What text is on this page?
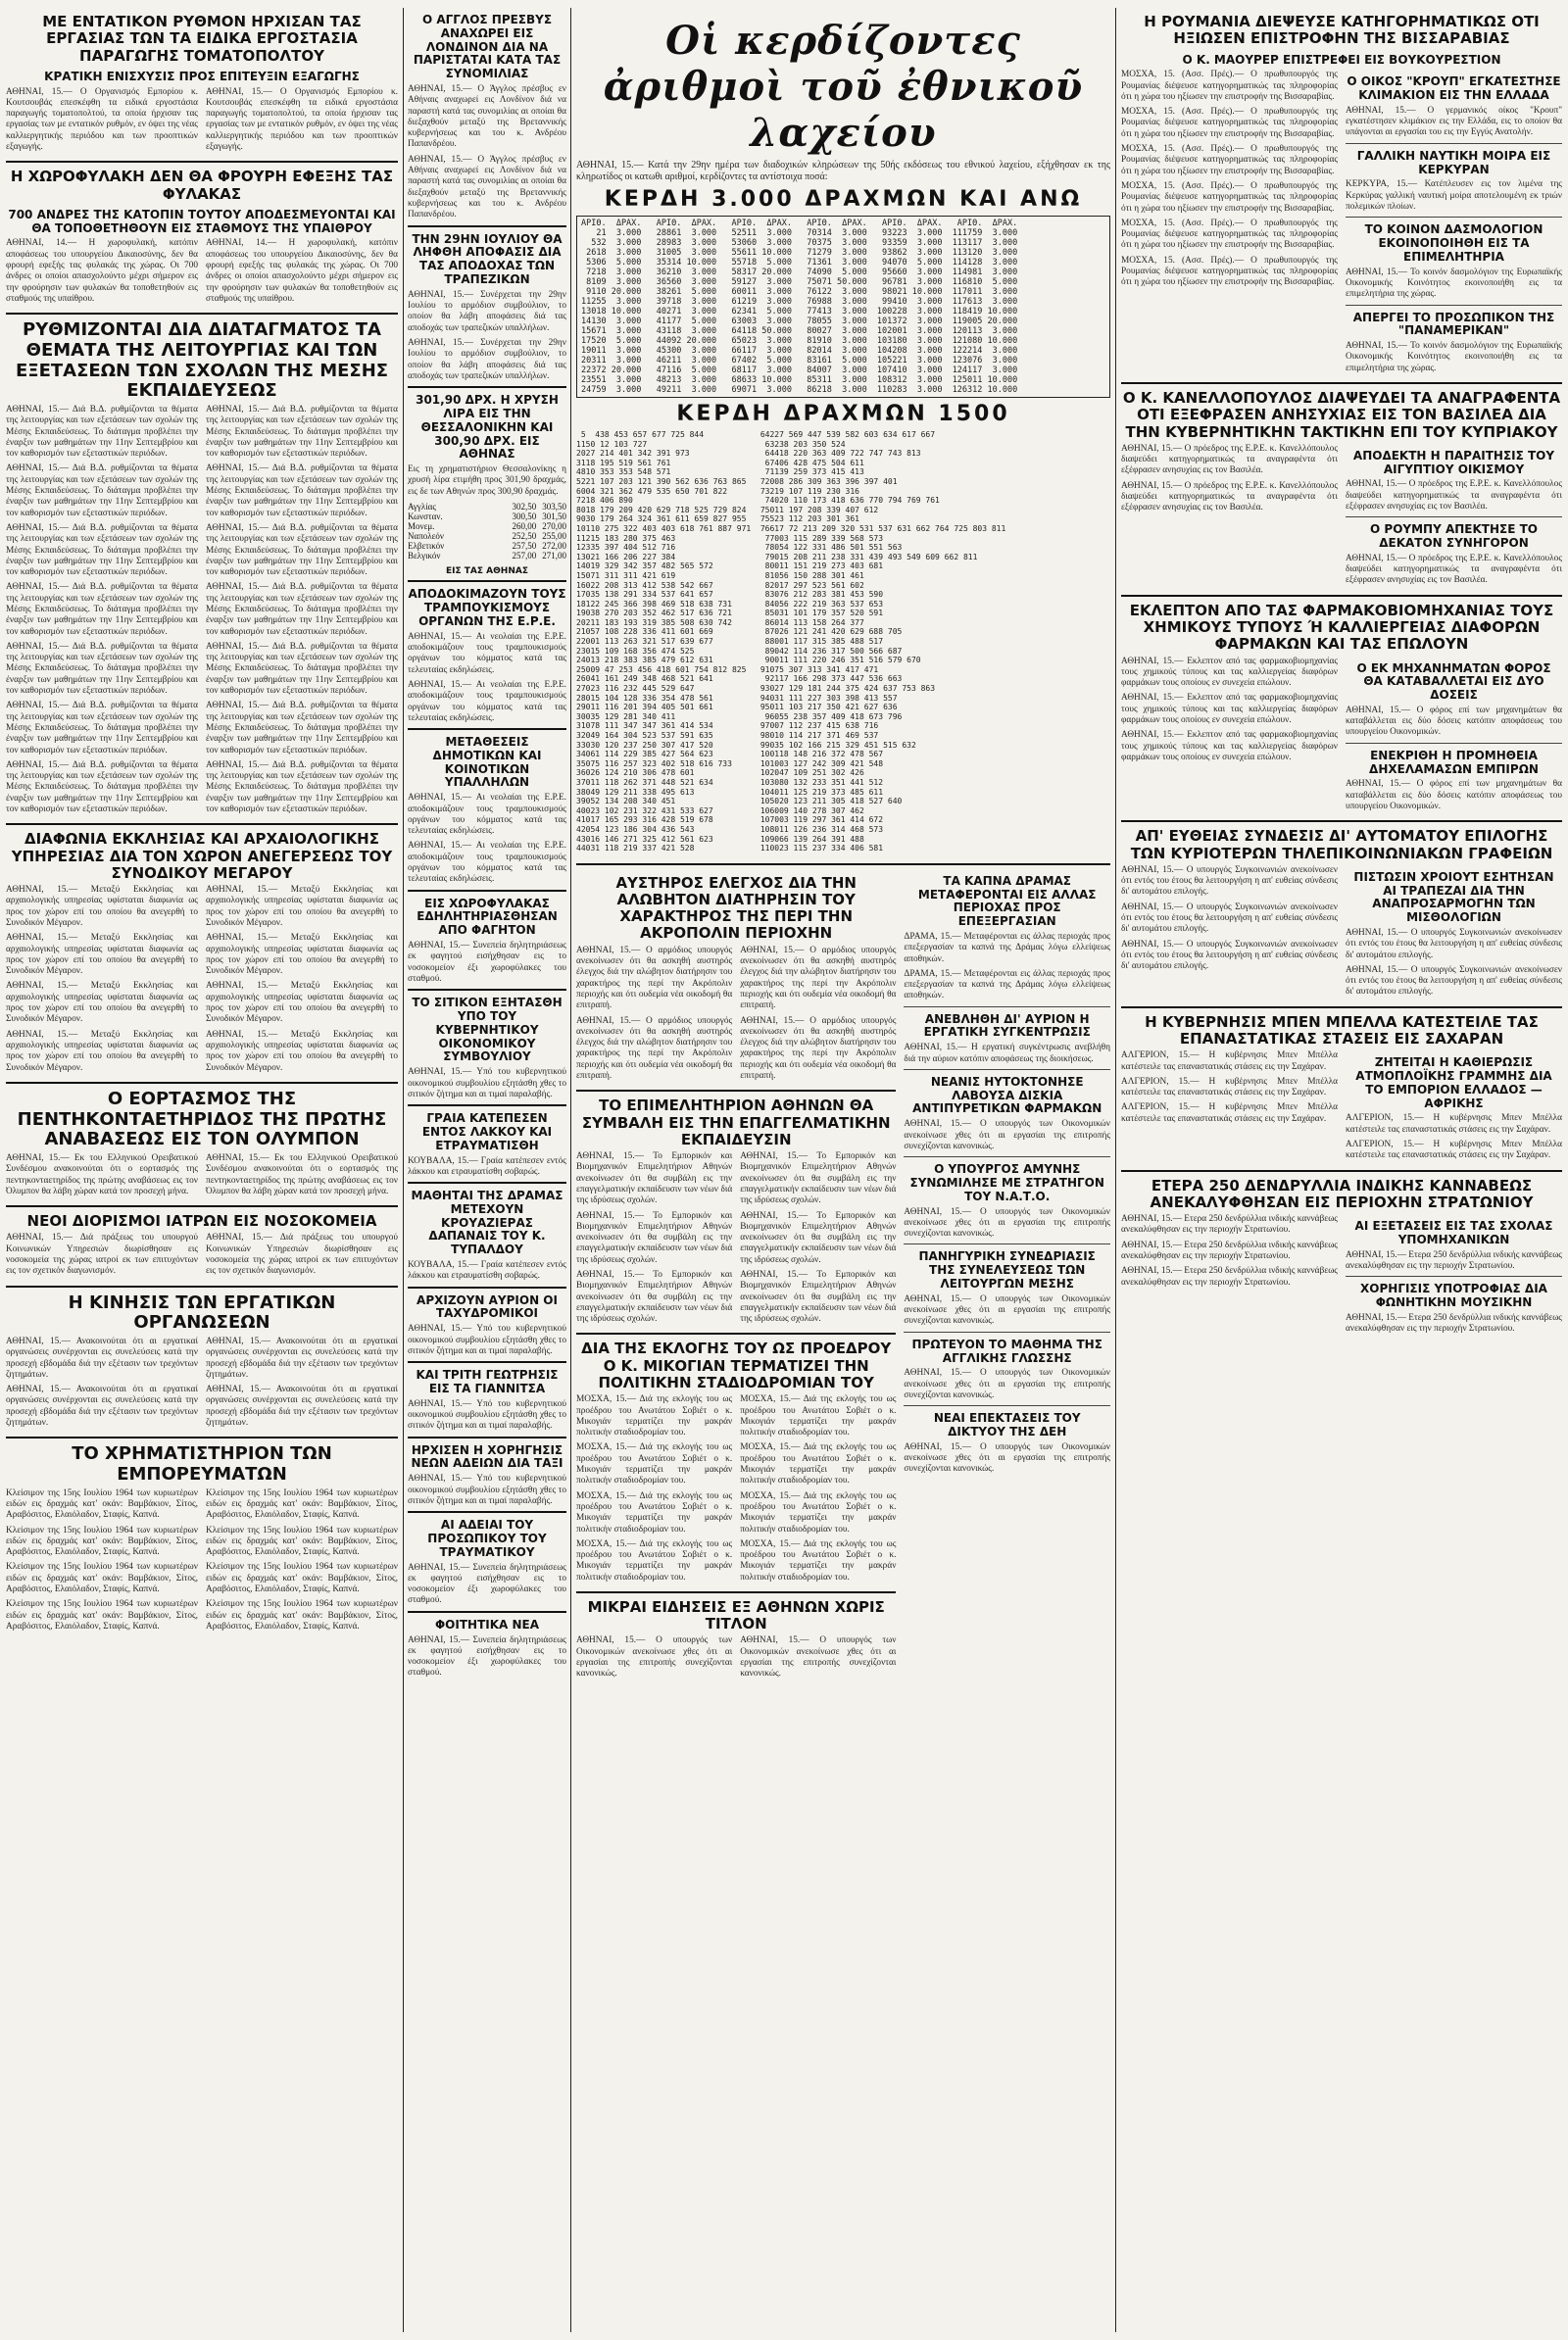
ΜΕ ΕΝΤΑΤΙΚΟΝ ΡΥΘΜΟΝ ΗΡΧΙΣΑΝ ΤΑΣ ΕΡΓΑΣΙΑΣ ΤΩΝ ΤΑ ΕΙΔΙΚΑ ΕΡΓΟΣΤΑΣΙΑ ΠΑΡΑΓΩΓΗΣ ΤΟΜΑΤΟΠΟΛΤΟΥ
ΚΡΑΤΙΚΗ ΕΝΙΣΧΥΣΙΣ ΠΡΟΣ ΕΠΙΤΕΥΞΙΝ ΕΞΑΓΩΓΗΣ

ΑΘΗΝΑΙ, 15.— Ο Οργανισμός Εμπορίου κ. Κουτσουβάς επεσκέφθη τα ειδικά εργοστάσια παραγωγής τοματοπολτού, τα οποία ήρχισαν τας εργασίας των με εντατικόν ρυθμόν, εν όψει της νέας καλλιεργητικής περιόδου και των προοπτικών εξαγωγής.

ΑΘΗΝΑΙ, 15.— Ο Οργανισμός Εμπορίου κ. Κουτσουβάς επεσκέφθη τα ειδικά εργοστάσια παραγωγής τοματοπολτού, τα οποία ήρχισαν τας εργασίας των με εντατικόν ρυθμόν, εν όψει της νέας καλλιεργητικής περιόδου και των προοπτικών εξαγωγής.

Η ΧΩΡΟΦΥΛΑΚΗ ΔΕΝ ΘΑ ΦΡΟΥΡΗ ΕΦΕΞΗΣ ΤΑΣ ΦΥΛΑΚΑΣ
700 ΑΝΔΡΕΣ ΤΗΣ ΚΑΤΟΠΙΝ ΤΟΥΤΟΥ ΑΠΟΔΕΣΜΕΥΟΝΤΑΙ ΚΑΙ ΘΑ ΤΟΠΟΘΕΤΗΘΟΥΝ ΕΙΣ ΣΤΑΘΜΟΥΣ ΤΗΣ ΥΠΑΙΘΡΟΥ

ΑΘΗΝΑΙ, 14.— Η χωροφυλακή, κατόπιν αποφάσεως του υπουργείου Δικαιοσύνης, δεν θα φρουρή εφεξής τας φυλακάς της χώρας. Οι 700 άνδρες οι οποίοι απασχολούντο μέχρι σήμερον εις την φρούρησιν των φυλακών θα τοποθετηθούν εις σταθμούς της υπαίθρου.

ΑΘΗΝΑΙ, 14.— Η χωροφυλακή, κατόπιν αποφάσεως του υπουργείου Δικαιοσύνης, δεν θα φρουρή εφεξής τας φυλακάς της χώρας. Οι 700 άνδρες οι οποίοι απασχολούντο μέχρι σήμερον εις την φρούρησιν των φυλακών θα τοποθετηθούν εις σταθμούς της υπαίθρου.

ΡΥΘΜΙΖΟΝΤΑΙ ΔΙΑ ΔΙΑΤΑΓΜΑΤΟΣ ΤΑ ΘΕΜΑΤΑ ΤΗΣ ΛΕΙΤΟΥΡΓΙΑΣ ΚΑΙ ΤΩΝ ΕΞΕΤΑΣΕΩΝ ΤΩΝ ΣΧΟΛΩΝ ΤΗΣ ΜΕΣΗΣ ΕΚΠΑΙΔΕΥΣΕΩΣ

ΑΘΗΝΑΙ, 15.— Διά Β.Δ. ρυθμίζονται τα θέματα της λειτουργίας και των εξετάσεων των σχολών της Μέσης Εκπαιδεύσεως. Το διάταγμα προβλέπει την έναρξιν των μαθημάτων την 11ην Σεπτεμβρίου και τον καθορισμόν των εξεταστικών περιόδων.

ΑΘΗΝΑΙ, 15.— Διά Β.Δ. ρυθμίζονται τα θέματα της λειτουργίας και των εξετάσεων των σχολών της Μέσης Εκπαιδεύσεως. Το διάταγμα προβλέπει την έναρξιν των μαθημάτων την 11ην Σεπτεμβρίου και τον καθορισμόν των εξεταστικών περιόδων.

ΑΘΗΝΑΙ, 15.— Διά Β.Δ. ρυθμίζονται τα θέματα της λειτουργίας και των εξετάσεων των σχολών της Μέσης Εκπαιδεύσεως. Το διάταγμα προβλέπει την έναρξιν των μαθημάτων την 11ην Σεπτεμβρίου και τον καθορισμόν των εξεταστικών περιόδων.

ΑΘΗΝΑΙ, 15.— Διά Β.Δ. ρυθμίζονται τα θέματα της λειτουργίας και των εξετάσεων των σχολών της Μέσης Εκπαιδεύσεως. Το διάταγμα προβλέπει την έναρξιν των μαθημάτων την 11ην Σεπτεμβρίου και τον καθορισμόν των εξεταστικών περιόδων.

ΑΘΗΝΑΙ, 15.— Διά Β.Δ. ρυθμίζονται τα θέματα της λειτουργίας και των εξετάσεων των σχολών της Μέσης Εκπαιδεύσεως. Το διάταγμα προβλέπει την έναρξιν των μαθημάτων την 11ην Σεπτεμβρίου και τον καθορισμόν των εξεταστικών περιόδων.

ΑΘΗΝΑΙ, 15.— Διά Β.Δ. ρυθμίζονται τα θέματα της λειτουργίας και των εξετάσεων των σχολών της Μέσης Εκπαιδεύσεως. Το διάταγμα προβλέπει την έναρξιν των μαθημάτων την 11ην Σεπτεμβρίου και τον καθορισμόν των εξεταστικών περιόδων.

ΑΘΗΝΑΙ, 15.— Διά Β.Δ. ρυθμίζονται τα θέματα της λειτουργίας και των εξετάσεων των σχολών της Μέσης Εκπαιδεύσεως. Το διάταγμα προβλέπει την έναρξιν των μαθημάτων την 11ην Σεπτεμβρίου και τον καθορισμόν των εξεταστικών περιόδων.

ΑΘΗΝΑΙ, 15.— Διά Β.Δ. ρυθμίζονται τα θέματα της λειτουργίας και των εξετάσεων των σχολών της Μέσης Εκπαιδεύσεως. Το διάταγμα προβλέπει την έναρξιν των μαθημάτων την 11ην Σεπτεμβρίου και τον καθορισμόν των εξεταστικών περιόδων.

ΑΘΗΝΑΙ, 15.— Διά Β.Δ. ρυθμίζονται τα θέματα της λειτουργίας και των εξετάσεων των σχολών της Μέσης Εκπαιδεύσεως. Το διάταγμα προβλέπει την έναρξιν των μαθημάτων την 11ην Σεπτεμβρίου και τον καθορισμόν των εξεταστικών περιόδων.

ΑΘΗΝΑΙ, 15.— Διά Β.Δ. ρυθμίζονται τα θέματα της λειτουργίας και των εξετάσεων των σχολών της Μέσης Εκπαιδεύσεως. Το διάταγμα προβλέπει την έναρξιν των μαθημάτων την 11ην Σεπτεμβρίου και τον καθορισμόν των εξεταστικών περιόδων.

ΑΘΗΝΑΙ, 15.— Διά Β.Δ. ρυθμίζονται τα θέματα της λειτουργίας και των εξετάσεων των σχολών της Μέσης Εκπαιδεύσεως. Το διάταγμα προβλέπει την έναρξιν των μαθημάτων την 11ην Σεπτεμβρίου και τον καθορισμόν των εξεταστικών περιόδων.

ΑΘΗΝΑΙ, 15.— Διά Β.Δ. ρυθμίζονται τα θέματα της λειτουργίας και των εξετάσεων των σχολών της Μέσης Εκπαιδεύσεως. Το διάταγμα προβλέπει την έναρξιν των μαθημάτων την 11ην Σεπτεμβρίου και τον καθορισμόν των εξεταστικών περιόδων.

ΑΘΗΝΑΙ, 15.— Διά Β.Δ. ρυθμίζονται τα θέματα της λειτουργίας και των εξετάσεων των σχολών της Μέσης Εκπαιδεύσεως. Το διάταγμα προβλέπει την έναρξιν των μαθημάτων την 11ην Σεπτεμβρίου και τον καθορισμόν των εξεταστικών περιόδων.

ΑΘΗΝΑΙ, 15.— Διά Β.Δ. ρυθμίζονται τα θέματα της λειτουργίας και των εξετάσεων των σχολών της Μέσης Εκπαιδεύσεως. Το διάταγμα προβλέπει την έναρξιν των μαθημάτων την 11ην Σεπτεμβρίου και τον καθορισμόν των εξεταστικών περιόδων.

ΔΙΑΦΩΝΙΑ ΕΚΚΛΗΣΙΑΣ ΚΑΙ ΑΡΧΑΙΟΛΟΓΙΚΗΣ ΥΠΗΡΕΣΙΑΣ ΔΙΑ ΤΟΝ ΧΩΡΟΝ ΑΝΕΓΕΡΣΕΩΣ ΤΟΥ ΣΥΝΟΔΙΚΟΥ ΜΕΓΑΡΟΥ

ΑΘΗΝΑΙ, 15.— Μεταξύ Εκκλησίας και αρχαιολογικής υπηρεσίας υφίσταται διαφωνία ως προς τον χώρον επί του οποίου θα ανεγερθή το Συνοδικόν Μέγαρον.

ΑΘΗΝΑΙ, 15.— Μεταξύ Εκκλησίας και αρχαιολογικής υπηρεσίας υφίσταται διαφωνία ως προς τον χώρον επί του οποίου θα ανεγερθή το Συνοδικόν Μέγαρον.

ΑΘΗΝΑΙ, 15.— Μεταξύ Εκκλησίας και αρχαιολογικής υπηρεσίας υφίσταται διαφωνία ως προς τον χώρον επί του οποίου θα ανεγερθή το Συνοδικόν Μέγαρον.

ΑΘΗΝΑΙ, 15.— Μεταξύ Εκκλησίας και αρχαιολογικής υπηρεσίας υφίσταται διαφωνία ως προς τον χώρον επί του οποίου θα ανεγερθή το Συνοδικόν Μέγαρον.

ΑΘΗΝΑΙ, 15.— Μεταξύ Εκκλησίας και αρχαιολογικής υπηρεσίας υφίσταται διαφωνία ως προς τον χώρον επί του οποίου θα ανεγερθή το Συνοδικόν Μέγαρον.

ΑΘΗΝΑΙ, 15.— Μεταξύ Εκκλησίας και αρχαιολογικής υπηρεσίας υφίσταται διαφωνία ως προς τον χώρον επί του οποίου θα ανεγερθή το Συνοδικόν Μέγαρον.

ΑΘΗΝΑΙ, 15.— Μεταξύ Εκκλησίας και αρχαιολογικής υπηρεσίας υφίσταται διαφωνία ως προς τον χώρον επί του οποίου θα ανεγερθή το Συνοδικόν Μέγαρον.

ΑΘΗΝΑΙ, 15.— Μεταξύ Εκκλησίας και αρχαιολογικής υπηρεσίας υφίσταται διαφωνία ως προς τον χώρον επί του οποίου θα ανεγερθή το Συνοδικόν Μέγαρον.

Ο ΕΟΡΤΑΣΜΟΣ ΤΗΣ ΠΕΝΤΗΚΟΝΤΑΕΤΗΡΙΔΟΣ ΤΗΣ ΠΡΩΤΗΣ ΑΝΑΒΑΣΕΩΣ ΕΙΣ ΤΟΝ ΟΛΥΜΠΟΝ

ΑΘΗΝΑΙ, 15.— Εκ του Ελληνικού Ορειβατικού Συνδέσμου ανακοινούται ότι ο εορτασμός της πεντηκονταετηρίδος της πρώτης αναβάσεως εις τον Όλυμπον θα λάβη χώραν κατά τον προσεχή μήνα.

ΑΘΗΝΑΙ, 15.— Εκ του Ελληνικού Ορειβατικού Συνδέσμου ανακοινούται ότι ο εορτασμός της πεντηκονταετηρίδος της πρώτης αναβάσεως εις τον Όλυμπον θα λάβη χώραν κατά τον προσεχή μήνα.

ΝΕΟΙ ΔΙΟΡΙΣΜΟΙ ΙΑΤΡΩΝ ΕΙΣ ΝΟΣΟΚΟΜΕΙΑ

ΑΘΗΝΑΙ, 15.— Διά πράξεως του υπουργού Κοινωνικών Υπηρεσιών διωρίσθησαν εις νοσοκομεία της χώρας ιατροί εκ των επιτυχόντων εις τον σχετικόν διαγωνισμόν.

ΑΘΗΝΑΙ, 15.— Διά πράξεως του υπουργού Κοινωνικών Υπηρεσιών διωρίσθησαν εις νοσοκομεία της χώρας ιατροί εκ των επιτυχόντων εις τον σχετικόν διαγωνισμόν.

Η ΚΙΝΗΣΙΣ ΤΩΝ ΕΡΓΑΤΙΚΩΝ ΟΡΓΑΝΩΣΕΩΝ

ΑΘΗΝΑΙ, 15.— Ανακοινούται ότι αι εργατικαί οργανώσεις συνέρχονται εις συνελεύσεις κατά την προσεχή εβδομάδα διά την εξέτασιν των τρεχόντων ζητημάτων.

ΑΘΗΝΑΙ, 15.— Ανακοινούται ότι αι εργατικαί οργανώσεις συνέρχονται εις συνελεύσεις κατά την προσεχή εβδομάδα διά την εξέτασιν των τρεχόντων ζητημάτων.

ΑΘΗΝΑΙ, 15.— Ανακοινούται ότι αι εργατικαί οργανώσεις συνέρχονται εις συνελεύσεις κατά την προσεχή εβδομάδα διά την εξέτασιν των τρεχόντων ζητημάτων.

ΑΘΗΝΑΙ, 15.— Ανακοινούται ότι αι εργατικαί οργανώσεις συνέρχονται εις συνελεύσεις κατά την προσεχή εβδομάδα διά την εξέτασιν των τρεχόντων ζητημάτων.

ΤΟ ΧΡΗΜΑΤΙΣΤΗΡΙΟΝ ΤΩΝ ΕΜΠΟΡΕΥΜΑΤΩΝ

Κλείσιμον της 15ης Ιουλίου 1964 των κυριωτέρων ειδών εις δραχμάς κατ' οκάν: Βαμβάκιον, Σίτος, Αραβόσιτος, Ελαιόλαδον, Σταφίς, Καπνά.

Κλείσιμον της 15ης Ιουλίου 1964 των κυριωτέρων ειδών εις δραχμάς κατ' οκάν: Βαμβάκιον, Σίτος, Αραβόσιτος, Ελαιόλαδον, Σταφίς, Καπνά.

Κλείσιμον της 15ης Ιουλίου 1964 των κυριωτέρων ειδών εις δραχμάς κατ' οκάν: Βαμβάκιον, Σίτος, Αραβόσιτος, Ελαιόλαδον, Σταφίς, Καπνά.

Κλείσιμον της 15ης Ιουλίου 1964 των κυριωτέρων ειδών εις δραχμάς κατ' οκάν: Βαμβάκιον, Σίτος, Αραβόσιτος, Ελαιόλαδον, Σταφίς, Καπνά.

Κλείσιμον της 15ης Ιουλίου 1964 των κυριωτέρων ειδών εις δραχμάς κατ' οκάν: Βαμβάκιον, Σίτος, Αραβόσιτος, Ελαιόλαδον, Σταφίς, Καπνά.

Κλείσιμον της 15ης Ιουλίου 1964 των κυριωτέρων ειδών εις δραχμάς κατ' οκάν: Βαμβάκιον, Σίτος, Αραβόσιτος, Ελαιόλαδον, Σταφίς, Καπνά.

Κλείσιμον της 15ης Ιουλίου 1964 των κυριωτέρων ειδών εις δραχμάς κατ' οκάν: Βαμβάκιον, Σίτος, Αραβόσιτος, Ελαιόλαδον, Σταφίς, Καπνά.

Κλείσιμον της 15ης Ιουλίου 1964 των κυριωτέρων ειδών εις δραχμάς κατ' οκάν: Βαμβάκιον, Σίτος, Αραβόσιτος, Ελαιόλαδον, Σταφίς, Καπνά.

Ο ΑΓΓΛΟΣ ΠΡΕΣΒΥΣ ΑΝΑΧΩΡΕΙ ΕΙΣ ΛΟΝΔΙΝΟΝ ΔΙΑ ΝΑ ΠΑΡΙΣΤΑΤΑΙ ΚΑΤΑ ΤΑΣ ΣΥΝΟΜΙΛΙΑΣ

ΑΘΗΝΑΙ, 15.— Ο Άγγλος πρέσβυς εν Αθήναις αναχωρεί εις Λονδίνον διά να παραστή κατά τας συνομιλίας αι οποίαι θα διεξαχθούν μεταξύ της Βρεταννικής κυβερνήσεως και του κ. Ανδρέου Παπανδρέου.

ΑΘΗΝΑΙ, 15.— Ο Άγγλος πρέσβυς εν Αθήναις αναχωρεί εις Λονδίνον διά να παραστή κατά τας συνομιλίας αι οποίαι θα διεξαχθούν μεταξύ της Βρεταννικής κυβερνήσεως και του κ. Ανδρέου Παπανδρέου.

ΤΗΝ 29ΗΝ ΙΟΥΛΙΟΥ ΘΑ ΛΗΦΘΗ ΑΠΟΦΑΣΙΣ ΔΙΑ ΤΑΣ ΑΠΟΔΟΧΑΣ ΤΩΝ ΤΡΑΠΕΖΙΚΩΝ

ΑΘΗΝΑΙ, 15.— Συνέρχεται την 29ην Ιουλίου το αρμόδιον συμβούλιον, το οποίον θα λάβη αποφάσεις διά τας αποδοχάς των τραπεζικών υπαλλήλων.

ΑΘΗΝΑΙ, 15.— Συνέρχεται την 29ην Ιουλίου το αρμόδιον συμβούλιον, το οποίον θα λάβη αποφάσεις διά τας αποδοχάς των τραπεζικών υπαλλήλων.

301,90 ΔΡΧ. Η ΧΡΥΣΗ ΛΙΡΑ ΕΙΣ ΤΗΝ ΘΕΣΣΑΛΟΝΙΚΗΝ ΚΑΙ 300,90 ΔΡΧ. ΕΙΣ ΑΘΗΝΑΣ

Εις τη χρηματιστήριον Θεσσαλονίκης η χρυσή λίρα ετιμήθη προς 301,90 δραχμάς, εις δε των Αθηνών προς 300,90 δραχμάς.

Αγγλίας	302,50 303,50
Κωνσταν.	300,50 301,50
Μονεμ.	260,00 270,00
Ναπολεόν	252,50 255,00
Ελβετικόν	257,50 272,00
Βελγικόν	257,00 271,00
ΕΙΣ ΤΑΣ ΑΘΗΝΑΣ
ΑΠΟΔΟΚΙΜΑΖΟΥΝ ΤΟΥΣ ΤΡΑΜΠΟΥΚΙΣΜΟΥΣ ΟΡΓΑΝΩΝ ΤΗΣ Ε.Ρ.Ε.

ΑΘΗΝΑΙ, 15.— Αι νεολαίαι της Ε.Ρ.Ε. αποδοκιμάζουν τους τραμπουκισμούς οργάνων του κόμματος κατά τας τελευταίας εκδηλώσεις.

ΑΘΗΝΑΙ, 15.— Αι νεολαίαι της Ε.Ρ.Ε. αποδοκιμάζουν τους τραμπουκισμούς οργάνων του κόμματος κατά τας τελευταίας εκδηλώσεις.

ΜΕΤΑΘΕΣΕΙΣ ΔΗΜΟΤΙΚΩΝ ΚΑΙ ΚΟΙΝΟΤΙΚΩΝ ΥΠΑΛΛΗΛΩΝ

ΑΘΗΝΑΙ, 15.— Αι νεολαίαι της Ε.Ρ.Ε. αποδοκιμάζουν τους τραμπουκισμούς οργάνων του κόμματος κατά τας τελευταίας εκδηλώσεις.

ΑΘΗΝΑΙ, 15.— Αι νεολαίαι της Ε.Ρ.Ε. αποδοκιμάζουν τους τραμπουκισμούς οργάνων του κόμματος κατά τας τελευταίας εκδηλώσεις.

ΕΙΣ ΧΩΡΟΦΥΛΑΚΑΣ ΕΔΗΛΗΤΗΡΙΑΣΘΗΣΑΝ ΑΠΟ ΦΑΓΗΤΟΝ

ΑΘΗΝΑΙ, 15.— Συνεπεία δηλητηριάσεως εκ φαγητού εισήχθησαν εις το νοσοκομείον έξι χωροφύλακες του σταθμού.

ΤΟ ΣΙΤΙΚΟΝ ΕΞΗΤΑΣΘΗ ΥΠΟ ΤΟΥ ΚΥΒΕΡΝΗΤΙΚΟΥ ΟΙΚΟΝΟΜΙΚΟΥ ΣΥΜΒΟΥΛΙΟΥ

ΑΘΗΝΑΙ, 15.— Υπό του κυβερνητικού οικονομικού συμβουλίου εξητάσθη χθες το σιτικόν ζήτημα και αι τιμαί παραλαβής.

ΓΡΑΙΑ ΚΑΤΕΠΕΣΕΝ ΕΝΤΟΣ ΛΑΚΚΟΥ ΚΑΙ ΕΤΡΑΥΜΑΤΙΣΘΗ

ΚΟΥΒΑΛΑ, 15.— Γραία κατέπεσεν εντός λάκκου και ετραυματίσθη σοβαρώς.

ΜΑΘΗΤΑΙ ΤΗΣ ΔΡΑΜΑΣ ΜΕΤΕΧΟΥΝ ΚΡΟΥΑΖΙΕΡΑΣ ΔΑΠΑΝΑΙΣ ΤΟΥ Κ. ΤΥΠΑΛΔΟΥ

ΚΟΥΒΑΛΑ, 15.— Γραία κατέπεσεν εντός λάκκου και ετραυματίσθη σοβαρώς.

ΑΡΧΙΖΟΥΝ ΑΥΡΙΟΝ ΟΙ ΤΑΧΥΔΡΟΜΙΚΟΙ

ΑΘΗΝΑΙ, 15.— Υπό του κυβερνητικού οικονομικού συμβουλίου εξητάσθη χθες το σιτικόν ζήτημα και αι τιμαί παραλαβής.

ΚΑΙ ΤΡΙΤΗ ΓΕΩΤΡΗΣΙΣ ΕΙΣ ΤΑ ΓΙΑΝΝΙΤΣΑ

ΑΘΗΝΑΙ, 15.— Υπό του κυβερνητικού οικονομικού συμβουλίου εξητάσθη χθες το σιτικόν ζήτημα και αι τιμαί παραλαβής.

ΗΡΧΙΣΕΝ Η ΧΟΡΗΓΗΣΙΣ ΝΕΩΝ ΑΔΕΙΩΝ ΔΙΑ ΤΑΞΙ

ΑΘΗΝΑΙ, 15.— Υπό του κυβερνητικού οικονομικού συμβουλίου εξητάσθη χθες το σιτικόν ζήτημα και αι τιμαί παραλαβής.

ΑΙ ΑΔΕΙΑΙ ΤΟΥ ΠΡΟΣΩΠΙΚΟΥ ΤΟΥ ΤΡΑΥΜΑΤΙΚΟΥ

ΑΘΗΝΑΙ, 15.— Συνεπεία δηλητηριάσεως εκ φαγητού εισήχθησαν εις το νοσοκομείον έξι χωροφύλακες του σταθμού.

ΦΟΙΤΗΤΙΚΑ ΝΕΑ

ΑΘΗΝΑΙ, 15.— Συνεπεία δηλητηριάσεως εκ φαγητού εισήχθησαν εις το νοσοκομείον έξι χωροφύλακες του σταθμού.

Οἱ κερδίζοντες ἀριθμοὶ τοῦ ἐθνικοῦ λαχείου

ΑΘΗΝΑΙ, 15.— Κατά την 29ην ημέρα των διαδοχικών κληρώσεων της 50ής εκδόσεως του εθνικού λαχείου, εξήχθησαν εκ της κληρωτίδος οι κατωθι αριθμοί, κερδίζοντες τα αντίστοιχα ποσά:

ΚΕΡΔΗ 3.000 ΔΡΑΧΜΩΝ ΚΑΙ ΑΝΩ
ΑΡΙΘ.  ΔΡΑΧ.   ΑΡΙΘ.  ΔΡΑΧ.   ΑΡΙΘ.  ΔΡΑΧ.   ΑΡΙΘ.  ΔΡΑΧ.   ΑΡΙΘ.  ΔΡΑΧ.   ΑΡΙΘ.  ΔΡΑΧ.
21  3.000   28861  3.000   52511  3.000   70314  3.000   93223  3.000  111759  3.000
532  3.000   28983  3.000   53060  3.000   70375  3.000   93359  3.000  113117  3.000
2618  3.000   31005  3.000   55611 10.000   71279  3.000   93862  3.000  113120  3.000
5306  5.000   35314 10.000   55718  5.000   71361  3.000   94070  5.000  114128  3.000
7218  3.000   36210  3.000   58317 20.000   74090  5.000   95660  3.000  114981  3.000
8109  3.000   36560  3.000   59127  3.000   75071 50.000   96781  3.000  116810  5.000
9110 20.000   38261  5.000   60011  3.000   76122  3.000   98021 10.000  117011  3.000
11255  3.000   39718  3.000   61219  3.000   76988  3.000   99410  3.000  117613  3.000
13018 10.000   40271  3.000   62341  5.000   77413  3.000  100228  3.000  118419 10.000
14130  3.000   41177  5.000   63003  3.000   78055  3.000  101372  3.000  119005 20.000
15671  3.000   43118  3.000   64118 50.000   80027  3.000  102001  3.000  120113  3.000
17520  5.000   44092 20.000   65023  3.000   81910  3.000  103180  3.000  121080 10.000
19011  3.000   45300  3.000   66117  3.000   82014  3.000  104208  3.000  122214  3.000
20311  3.000   46211  3.000   67402  5.000   83161  5.000  105221  3.000  123076  3.000
22372 20.000   47116  5.000   68117  3.000   84007  3.000  107410  3.000  124117  3.000
23551  3.000   48213  3.000   68633 10.000   85311  3.000  108312  3.000  125011 10.000
24759  3.000   49211  3.000   69071  3.000   86218  3.000  110283  3.000  126312 10.000
ΚΕΡΔΗ ΔΡΑΧΜΩΝ 1500
5  438 453 657 677 725 844            64227 569 447 539 582 603 634 617 667
1150 12 103 727                         63238 203 350 524
2027 214 401 342 391 973                64418 220 363 409 722 747 743 813
3118 195 519 561 761                    67406 428 475 504 611
4810 353 353 548 571                    71139 259 373 415 413
5221 107 203 121 390 562 636 763 865   72008 286 309 363 396 397 401
6004 321 362 479 535 650 701 822       73219 107 119 230 316
7218 406 890                            74020 110 173 418 636 770 794 769 761
8018 179 209 420 629 718 525 729 824   75011 197 208 339 407 612
9030 179 264 324 361 611 659 827 955   75523 112 203 301 361
10110 275 322 403 403 618 761 887 971  76617 72 213 209 320 531 537 631 662 764 725 803 811
11215 183 280 375 463                   77003 115 289 339 568 573
12335 397 404 512 716                   78054 122 331 486 501 551 563
13021 166 206 227 384                   79015 208 211 238 331 439 493 549 609 662 811
14019 329 342 357 482 565 572           80011 151 219 273 403 681
15071 311 311 421 619                   81056 150 288 301 461
16022 208 313 412 538 542 667           82017 297 523 561 602
17035 138 291 334 537 641 657           83076 212 283 381 453 590
18122 245 366 398 469 518 638 731       84056 222 219 363 537 653
19038 270 203 352 462 517 636 721       85031 101 179 357 520 591
20211 183 193 319 385 508 630 742       86014 113 158 264 377
21057 108 228 336 411 601 669           87026 121 241 420 629 688 705
22001 113 263 321 517 639 677           88001 117 315 385 488 517
23015 109 168 356 474 525               89042 114 236 317 500 566 687
24013 218 383 385 479 612 631           90011 111 220 246 351 516 579 670
25009 47 253 456 418 601 754 812 825   91075 307 313 341 417 471
26041 161 249 348 468 521 641           92117 166 298 373 447 536 663
27023 116 232 445 529 647              93027 129 181 244 375 424 637 753 863
28015 104 128 336 354 478 561          94031 111 227 303 398 413 557
29011 116 201 394 405 501 661          95011 103 217 350 421 627 636
30035 129 281 340 411                   96055 238 357 409 418 673 796
31078 111 347 347 361 414 534          97007 112 237 415 638 716
32049 164 304 523 537 591 635          98010 114 217 371 469 537
33030 120 237 250 307 417 520          99035 102 166 215 329 451 515 632
34061 114 229 385 427 564 623          100118 148 216 372 478 567
35075 116 257 323 402 518 616 733      101003 127 242 309 421 548
36026 124 210 306 478 601              102047 109 251 302 426
37011 118 262 371 448 521 634          103080 132 233 351 441 512
38049 129 211 338 495 613              104011 125 219 373 485 611
39052 134 208 340 451                  105020 123 211 305 418 527 640
40023 102 231 322 431 533 627          106009 140 278 307 462
41017 165 293 316 428 519 678          107003 119 297 361 414 672
42054 123 186 304 436 543              108011 126 236 314 468 573
43016 146 271 325 412 561 623          109066 139 264 391 488
44031 118 219 337 421 528              110023 115 237 334 406 581
ΑΥΣΤΗΡΟΣ ΕΛΕΓΧΟΣ ΔΙΑ ΤΗΝ ΑΛΩΒΗΤΟΝ ΔΙΑΤΗΡΗΣΙΝ ΤΟΥ ΧΑΡΑΚΤΗΡΟΣ ΤΗΣ ΠΕΡΙ ΤΗΝ ΑΚΡΟΠΟΛΙΝ ΠΕΡΙΟΧΗΝ

ΑΘΗΝΑΙ, 15.— Ο αρμόδιος υπουργός ανεκοίνωσεν ότι θα ασκηθή αυστηρός έλεγχος διά την αλώβητον διατήρησιν του χαρακτήρος της περί την Ακρόπολιν περιοχής και ότι ουδεμία νέα οικοδομή θα επιτραπή.

ΑΘΗΝΑΙ, 15.— Ο αρμόδιος υπουργός ανεκοίνωσεν ότι θα ασκηθή αυστηρός έλεγχος διά την αλώβητον διατήρησιν του χαρακτήρος της περί την Ακρόπολιν περιοχής και ότι ουδεμία νέα οικοδομή θα επιτραπή.

ΑΘΗΝΑΙ, 15.— Ο αρμόδιος υπουργός ανεκοίνωσεν ότι θα ασκηθή αυστηρός έλεγχος διά την αλώβητον διατήρησιν του χαρακτήρος της περί την Ακρόπολιν περιοχής και ότι ουδεμία νέα οικοδομή θα επιτραπή.

ΑΘΗΝΑΙ, 15.— Ο αρμόδιος υπουργός ανεκοίνωσεν ότι θα ασκηθή αυστηρός έλεγχος διά την αλώβητον διατήρησιν του χαρακτήρος της περί την Ακρόπολιν περιοχής και ότι ουδεμία νέα οικοδομή θα επιτραπή.

ΤΟ ΕΠΙΜΕΛΗΤΗΡΙΟΝ ΑΘΗΝΩΝ ΘΑ ΣΥΜΒΑΛΗ ΕΙΣ ΤΗΝ ΕΠΑΓΓΕΛΜΑΤΙΚΗΝ ΕΚΠΑΙΔΕΥΣΙΝ

ΑΘΗΝΑΙ, 15.— Το Εμπορικόν και Βιομηχανικόν Επιμελητήριον Αθηνών ανεκοίνωσεν ότι θα συμβάλη εις την επαγγελματικήν εκπαίδευσιν των νέων διά της ιδρύσεως σχολών.

ΑΘΗΝΑΙ, 15.— Το Εμπορικόν και Βιομηχανικόν Επιμελητήριον Αθηνών ανεκοίνωσεν ότι θα συμβάλη εις την επαγγελματικήν εκπαίδευσιν των νέων διά της ιδρύσεως σχολών.

ΑΘΗΝΑΙ, 15.— Το Εμπορικόν και Βιομηχανικόν Επιμελητήριον Αθηνών ανεκοίνωσεν ότι θα συμβάλη εις την επαγγελματικήν εκπαίδευσιν των νέων διά της ιδρύσεως σχολών.

ΑΘΗΝΑΙ, 15.— Το Εμπορικόν και Βιομηχανικόν Επιμελητήριον Αθηνών ανεκοίνωσεν ότι θα συμβάλη εις την επαγγελματικήν εκπαίδευσιν των νέων διά της ιδρύσεως σχολών.

ΑΘΗΝΑΙ, 15.— Το Εμπορικόν και Βιομηχανικόν Επιμελητήριον Αθηνών ανεκοίνωσεν ότι θα συμβάλη εις την επαγγελματικήν εκπαίδευσιν των νέων διά της ιδρύσεως σχολών.

ΑΘΗΝΑΙ, 15.— Το Εμπορικόν και Βιομηχανικόν Επιμελητήριον Αθηνών ανεκοίνωσεν ότι θα συμβάλη εις την επαγγελματικήν εκπαίδευσιν των νέων διά της ιδρύσεως σχολών.

ΔΙΑ ΤΗΣ ΕΚΛΟΓΗΣ ΤΟΥ ΩΣ ΠΡΟΕΔΡΟΥ Ο Κ. ΜΙΚΟΓΙΑΝ ΤΕΡΜΑΤΙΖΕΙ ΤΗΝ ΠΟΛΙΤΙΚΗΝ ΣΤΑΔΙΟΔΡΟΜΙΑΝ ΤΟΥ

ΜΟΣΧΑ, 15.— Διά της εκλογής του ως προέδρου του Ανωτάτου Σοβιέτ ο κ. Μικογιάν τερματίζει την μακράν πολιτικήν σταδιοδρομίαν του.

ΜΟΣΧΑ, 15.— Διά της εκλογής του ως προέδρου του Ανωτάτου Σοβιέτ ο κ. Μικογιάν τερματίζει την μακράν πολιτικήν σταδιοδρομίαν του.

ΜΟΣΧΑ, 15.— Διά της εκλογής του ως προέδρου του Ανωτάτου Σοβιέτ ο κ. Μικογιάν τερματίζει την μακράν πολιτικήν σταδιοδρομίαν του.

ΜΟΣΧΑ, 15.— Διά της εκλογής του ως προέδρου του Ανωτάτου Σοβιέτ ο κ. Μικογιάν τερματίζει την μακράν πολιτικήν σταδιοδρομίαν του.

ΜΟΣΧΑ, 15.— Διά της εκλογής του ως προέδρου του Ανωτάτου Σοβιέτ ο κ. Μικογιάν τερματίζει την μακράν πολιτικήν σταδιοδρομίαν του.

ΜΟΣΧΑ, 15.— Διά της εκλογής του ως προέδρου του Ανωτάτου Σοβιέτ ο κ. Μικογιάν τερματίζει την μακράν πολιτικήν σταδιοδρομίαν του.

ΜΟΣΧΑ, 15.— Διά της εκλογής του ως προέδρου του Ανωτάτου Σοβιέτ ο κ. Μικογιάν τερματίζει την μακράν πολιτικήν σταδιοδρομίαν του.

ΜΟΣΧΑ, 15.— Διά της εκλογής του ως προέδρου του Ανωτάτου Σοβιέτ ο κ. Μικογιάν τερματίζει την μακράν πολιτικήν σταδιοδρομίαν του.

ΜΙΚΡΑΙ ΕΙΔΗΣΕΙΣ ΕΞ ΑΘΗΝΩΝ ΧΩΡΙΣ ΤΙΤΛΟΝ

ΑΘΗΝΑΙ, 15.— Ο υπουργός των Οικονομικών ανεκοίνωσε χθες ότι αι εργασίαι της επιτροπής συνεχίζονται κανονικώς.

ΑΘΗΝΑΙ, 15.— Ο υπουργός των Οικονομικών ανεκοίνωσε χθες ότι αι εργασίαι της επιτροπής συνεχίζονται κανονικώς.

ΤΑ ΚΑΠΝΑ ΔΡΑΜΑΣ ΜΕΤΑΦΕΡΟΝΤΑΙ ΕΙΣ ΑΛΛΑΣ ΠΕΡΙΟΧΑΣ ΠΡΟΣ ΕΠΕΞΕΡΓΑΣΙΑΝ

ΔΡΑΜΑ, 15.— Μεταφέρονται εις άλλας περιοχάς προς επεξεργασίαν τα καπνά της Δράμας λόγω ελλείψεως αποθηκών.

ΔΡΑΜΑ, 15.— Μεταφέρονται εις άλλας περιοχάς προς επεξεργασίαν τα καπνά της Δράμας λόγω ελλείψεως αποθηκών.

ΑΝΕΒΛΗΘΗ ΔΙ' ΑΥΡΙΟΝ Η ΕΡΓΑΤΙΚΗ ΣΥΓΚΕΝΤΡΩΣΙΣ

ΑΘΗΝΑΙ, 15.— Η εργατική συγκέντρωσις ανεβλήθη διά την αύριον κατόπιν αποφάσεως της διοικήσεως.

ΝΕΑΝΙΣ ΗΥΤΟΚΤΟΝΗΣΕ ΛΑΒΟΥΣΑ ΔΙΣΚΙΑ ΑΝΤΙΠΥΡΕΤΙΚΩΝ ΦΑΡΜΑΚΩΝ

ΑΘΗΝΑΙ, 15.— Ο υπουργός των Οικονομικών ανεκοίνωσε χθες ότι αι εργασίαι της επιτροπής συνεχίζονται κανονικώς.

Ο ΥΠΟΥΡΓΟΣ ΑΜΥΝΗΣ ΣΥΝΩΜΙΛΗΣΕ ΜΕ ΣΤΡΑΤΗΓΟΝ ΤΟΥ Ν.Α.Τ.Ο.

ΑΘΗΝΑΙ, 15.— Ο υπουργός των Οικονομικών ανεκοίνωσε χθες ότι αι εργασίαι της επιτροπής συνεχίζονται κανονικώς.

ΠΑΝΗΓΥΡΙΚΗ ΣΥΝΕΔΡΙΑΣΙΣ ΤΗΣ ΣΥΝΕΛΕΥΣΕΩΣ ΤΩΝ ΛΕΙΤΟΥΡΓΩΝ ΜΕΣΗΣ

ΑΘΗΝΑΙ, 15.— Ο υπουργός των Οικονομικών ανεκοίνωσε χθες ότι αι εργασίαι της επιτροπής συνεχίζονται κανονικώς.

ΠΡΩΤΕΥΟΝ ΤΟ ΜΑΘΗΜΑ ΤΗΣ ΑΓΓΛΙΚΗΣ ΓΛΩΣΣΗΣ

ΑΘΗΝΑΙ, 15.— Ο υπουργός των Οικονομικών ανεκοίνωσε χθες ότι αι εργασίαι της επιτροπής συνεχίζονται κανονικώς.

ΝΕΑΙ ΕΠΕΚΤΑΣΕΙΣ ΤΟΥ ΔΙΚΤΥΟΥ ΤΗΣ ΔΕΗ

ΑΘΗΝΑΙ, 15.— Ο υπουργός των Οικονομικών ανεκοίνωσε χθες ότι αι εργασίαι της επιτροπής συνεχίζονται κανονικώς.

Η ΡΟΥΜΑΝΙΑ ΔΙΕΨΕΥΣΕ ΚΑΤΗΓΟΡΗΜΑΤΙΚΩΣ ΟΤΙ ΗΞΙΩΣΕΝ ΕΠΙΣΤΡΟΦΗΝ ΤΗΣ ΒΙΣΣΑΡΑΒΙΑΣ
Ο Κ. ΜΑΟΥΡΕΡ ΕΠΙΣΤΡΕΦΕΙ ΕΙΣ ΒΟΥΚΟΥΡΕΣΤΙΟΝ

ΜΟΣΧΑ, 15. (Ασσ. Πρές).— Ο πρωθυπουργός της Ρουμανίας διέψευσε κατηγορηματικώς τας πληροφορίας ότι η χώρα του ηξίωσεν την επιστροφήν της Βισσαραβίας.

ΜΟΣΧΑ, 15. (Ασσ. Πρές).— Ο πρωθυπουργός της Ρουμανίας διέψευσε κατηγορηματικώς τας πληροφορίας ότι η χώρα του ηξίωσεν την επιστροφήν της Βισσαραβίας.

ΜΟΣΧΑ, 15. (Ασσ. Πρές).— Ο πρωθυπουργός της Ρουμανίας διέψευσε κατηγορηματικώς τας πληροφορίας ότι η χώρα του ηξίωσεν την επιστροφήν της Βισσαραβίας.

ΜΟΣΧΑ, 15. (Ασσ. Πρές).— Ο πρωθυπουργός της Ρουμανίας διέψευσε κατηγορηματικώς τας πληροφορίας ότι η χώρα του ηξίωσεν την επιστροφήν της Βισσαραβίας.

ΜΟΣΧΑ, 15. (Ασσ. Πρές).— Ο πρωθυπουργός της Ρουμανίας διέψευσε κατηγορηματικώς τας πληροφορίας ότι η χώρα του ηξίωσεν την επιστροφήν της Βισσαραβίας.

ΜΟΣΧΑ, 15. (Ασσ. Πρές).— Ο πρωθυπουργός της Ρουμανίας διέψευσε κατηγορηματικώς τας πληροφορίας ότι η χώρα του ηξίωσεν την επιστροφήν της Βισσαραβίας.

Ο ΟΙΚΟΣ "ΚΡΟΥΠ" ΕΓΚΑΤΕΣΤΗΣΕ ΚΛΙΜΑΚΙΟΝ ΕΙΣ ΤΗΝ ΕΛΛΑΔΑ

ΑΘΗΝΑΙ, 15.— Ο γερμανικός οίκος "Κρουπ" εγκατέστησεν κλιμάκιον εις την Ελλάδα, εις το οποίον θα υπάγονται αι εργασίαι του εις την Εγγύς Ανατολήν.

ΓΑΛΛΙΚΗ ΝΑΥΤΙΚΗ ΜΟΙΡΑ ΕΙΣ ΚΕΡΚΥΡΑΝ

ΚΕΡΚΥΡΑ, 15.— Κατέπλευσεν εις τον λιμένα της Κερκύρας γαλλική ναυτική μοίρα αποτελουμένη εκ τριών πολεμικών πλοίων.

ΤΟ ΚΟΙΝΟΝ ΔΑΣΜΟΛΟΓΙΟΝ ΕΚΟΙΝΟΠΟΙΗΘΗ ΕΙΣ ΤΑ ΕΠΙΜΕΛΗΤΗΡΙΑ

ΑΘΗΝΑΙ, 15.— Το κοινόν δασμολόγιον της Ευρωπαϊκής Οικονομικής Κοινότητος εκοινοποιήθη εις τα επιμελητήρια της χώρας.

ΑΠΕΡΓΕΙ ΤΟ ΠΡΟΣΩΠΙΚΟΝ ΤΗΣ "ΠΑΝΑΜΕΡΙΚΑΝ"

ΑΘΗΝΑΙ, 15.— Το κοινόν δασμολόγιον της Ευρωπαϊκής Οικονομικής Κοινότητος εκοινοποιήθη εις τα επιμελητήρια της χώρας.

Ο Κ. ΚΑΝΕΛΛΟΠΟΥΛΟΣ ΔΙΑΨΕΥΔΕΙ ΤΑ ΑΝΑΓΡΑΦΕΝΤΑ ΟΤΙ ΕΞΕΦΡΑΣΕΝ ΑΝΗΣΥΧΙΑΣ ΕΙΣ ΤΟΝ ΒΑΣΙΛΕΑ ΔΙΑ ΤΗΝ ΚΥΒΕΡΝΗΤΙΚΗΝ ΤΑΚΤΙΚΗΝ ΕΠΙ ΤΟΥ ΚΥΠΡΙΑΚΟΥ

ΑΘΗΝΑΙ, 15.— Ο πρόεδρος της Ε.Ρ.Ε. κ. Κανελλόπουλος διαψεύδει κατηγορηματικώς τα αναγραφέντα ότι εξέφρασεν ανησυχίας εις τον Βασιλέα.

ΑΘΗΝΑΙ, 15.— Ο πρόεδρος της Ε.Ρ.Ε. κ. Κανελλόπουλος διαψεύδει κατηγορηματικώς τα αναγραφέντα ότι εξέφρασεν ανησυχίας εις τον Βασιλέα.

ΑΠΟΔΕΚΤΗ Η ΠΑΡΑΙΤΗΣΙΣ ΤΟΥ ΑΙΓΥΠΤΙΟΥ ΟΙΚΙΣΜΟΥ

ΑΘΗΝΑΙ, 15.— Ο πρόεδρος της Ε.Ρ.Ε. κ. Κανελλόπουλος διαψεύδει κατηγορηματικώς τα αναγραφέντα ότι εξέφρασεν ανησυχίας εις τον Βασιλέα.

Ο ΡΟΥΜΠΥ ΑΠΕΚΤΗΣΕ ΤΟ ΔΕΚΑΤΟΝ ΣΥΝΗΓΟΡΟΝ

ΑΘΗΝΑΙ, 15.— Ο πρόεδρος της Ε.Ρ.Ε. κ. Κανελλόπουλος διαψεύδει κατηγορηματικώς τα αναγραφέντα ότι εξέφρασεν ανησυχίας εις τον Βασιλέα.

ΕΚΛΕΠΤΟΝ ΑΠΟ ΤΑΣ ΦΑΡΜΑΚΟΒΙΟΜΗΧΑΝΙΑΣ ΤΟΥΣ ΧΗΜΙΚΟΥΣ ΤΥΠΟΥΣ Ή ΚΑΛΛΙΕΡΓΕΙΑΣ ΔΙΑΦΟΡΩΝ ΦΑΡΜΑΚΩΝ ΚΑΙ ΤΑΣ ΕΠΩΛΟΥΝ

ΑΘΗΝΑΙ, 15.— Εκλεπτον από τας φαρμακοβιομηχανίας τους χημικούς τύπους και τας καλλιεργείας διαφόρων φαρμάκων τους οποίους εν συνεχεία επώλουν.

ΑΘΗΝΑΙ, 15.— Εκλεπτον από τας φαρμακοβιομηχανίας τους χημικούς τύπους και τας καλλιεργείας διαφόρων φαρμάκων τους οποίους εν συνεχεία επώλουν.

ΑΘΗΝΑΙ, 15.— Εκλεπτον από τας φαρμακοβιομηχανίας τους χημικούς τύπους και τας καλλιεργείας διαφόρων φαρμάκων τους οποίους εν συνεχεία επώλουν.

Ο ΕΚ ΜΗΧΑΝΗΜΑΤΩΝ ΦΟΡΟΣ ΘΑ ΚΑΤΑΒΑΛΛΕΤΑΙ ΕΙΣ ΔΥΟ ΔΟΣΕΙΣ

ΑΘΗΝΑΙ, 15.— Ο φόρος επί των μηχανημάτων θα καταβάλλεται εις δύο δόσεις κατόπιν αποφάσεως του υπουργείου Οικονομικών.

ΕΝΕΚΡΙΘΗ Η ΠΡΟΜΗΘΕΙΑ ΔΗΧΕΛΑΜΑΣΩΝ ΕΜΠΙΡΩΝ

ΑΘΗΝΑΙ, 15.— Ο φόρος επί των μηχανημάτων θα καταβάλλεται εις δύο δόσεις κατόπιν αποφάσεως του υπουργείου Οικονομικών.

ΑΠ' ΕΥΘΕΙΑΣ ΣΥΝΔΕΣΙΣ ΔΙ' ΑΥΤΟΜΑΤΟΥ ΕΠΙΛΟΓΗΣ ΤΩΝ ΚΥΡΙΟΤΕΡΩΝ ΤΗΛΕΠΙΚΟΙΝΩΝΙΑΚΩΝ ΓΡΑΦΕΙΩΝ

ΑΘΗΝΑΙ, 15.— Ο υπουργός Συγκοινωνιών ανεκοίνωσεν ότι εντός του έτους θα λειτουργήση η απ' ευθείας σύνδεσις δι' αυτομάτου επιλογής.

ΑΘΗΝΑΙ, 15.— Ο υπουργός Συγκοινωνιών ανεκοίνωσεν ότι εντός του έτους θα λειτουργήση η απ' ευθείας σύνδεσις δι' αυτομάτου επιλογής.

ΑΘΗΝΑΙ, 15.— Ο υπουργός Συγκοινωνιών ανεκοίνωσεν ότι εντός του έτους θα λειτουργήση η απ' ευθείας σύνδεσις δι' αυτομάτου επιλογής.

ΠΙΣΤΩΣΙΝ ΧΡΟΙΟΥΤ ΕΣΗΤΗΣΑΝ ΑΙ ΤΡΑΠΕΖΑΙ ΔΙΑ ΤΗΝ ΑΝΑΠΡΟΣΑΡΜΟΓΗΝ ΤΩΝ ΜΙΣΘΟΛΟΓΙΩΝ

ΑΘΗΝΑΙ, 15.— Ο υπουργός Συγκοινωνιών ανεκοίνωσεν ότι εντός του έτους θα λειτουργήση η απ' ευθείας σύνδεσις δι' αυτομάτου επιλογής.

ΑΘΗΝΑΙ, 15.— Ο υπουργός Συγκοινωνιών ανεκοίνωσεν ότι εντός του έτους θα λειτουργήση η απ' ευθείας σύνδεσις δι' αυτομάτου επιλογής.

Η ΚΥΒΕΡΝΗΣΙΣ ΜΠΕΝ ΜΠΕΛΛΑ ΚΑΤΕΣΤΕΙΛΕ ΤΑΣ ΕΠΑΝΑΣΤΑΤΙΚΑΣ ΣΤΑΣΕΙΣ ΕΙΣ ΣΑΧΑΡΑΝ

ΑΛΓΕΡΙΟΝ, 15.— Η κυβέρνησις Μπεν Μπέλλα κατέστειλε τας επαναστατικάς στάσεις εις την Σαχάραν.

ΑΛΓΕΡΙΟΝ, 15.— Η κυβέρνησις Μπεν Μπέλλα κατέστειλε τας επαναστατικάς στάσεις εις την Σαχάραν.

ΑΛΓΕΡΙΟΝ, 15.— Η κυβέρνησις Μπεν Μπέλλα κατέστειλε τας επαναστατικάς στάσεις εις την Σαχάραν.

ΖΗΤΕΙΤΑΙ Η ΚΑΘΙΕΡΩΣΙΣ ΑΤΜΟΠΛΟΪΚΗΣ ΓΡΑΜΜΗΣ ΔΙΑ ΤΟ ΕΜΠΟΡΙΟΝ ΕΛΛΑΔΟΣ — ΑΦΡΙΚΗΣ

ΑΛΓΕΡΙΟΝ, 15.— Η κυβέρνησις Μπεν Μπέλλα κατέστειλε τας επαναστατικάς στάσεις εις την Σαχάραν.

ΑΛΓΕΡΙΟΝ, 15.— Η κυβέρνησις Μπεν Μπέλλα κατέστειλε τας επαναστατικάς στάσεις εις την Σαχάραν.

ΕΤΕΡΑ 250 ΔΕΝΔΡΥΛΛΙΑ ΙΝΔΙΚΗΣ ΚΑΝΝΑΒΕΩΣ ΑΝΕΚΑΛΥΦΘΗΣΑΝ ΕΙΣ ΠΕΡΙΟΧΗΝ ΣΤΡΑΤΩΝΙΟΥ

ΑΘΗΝΑΙ, 15.— Ετερα 250 δενδρύλλια ινδικής καννάβεως ανεκαλύφθησαν εις την περιοχήν Στρατωνίου.

ΑΘΗΝΑΙ, 15.— Ετερα 250 δενδρύλλια ινδικής καννάβεως ανεκαλύφθησαν εις την περιοχήν Στρατωνίου.

ΑΘΗΝΑΙ, 15.— Ετερα 250 δενδρύλλια ινδικής καννάβεως ανεκαλύφθησαν εις την περιοχήν Στρατωνίου.

ΑΙ ΕΞΕΤΑΣΕΙΣ ΕΙΣ ΤΑΣ ΣΧΟΛΑΣ ΥΠΟΜΗΧΑΝΙΚΩΝ

ΑΘΗΝΑΙ, 15.— Ετερα 250 δενδρύλλια ινδικής καννάβεως ανεκαλύφθησαν εις την περιοχήν Στρατωνίου.

ΧΟΡΗΓΙΣΙΣ ΥΠΟΤΡΟΦΙΑΣ ΔΙΑ ΦΩΝΗΤΙΚΗΝ ΜΟΥΣΙΚΗΝ

ΑΘΗΝΑΙ, 15.— Ετερα 250 δενδρύλλια ινδικής καννάβεως ανεκαλύφθησαν εις την περιοχήν Στρατωνίου.
